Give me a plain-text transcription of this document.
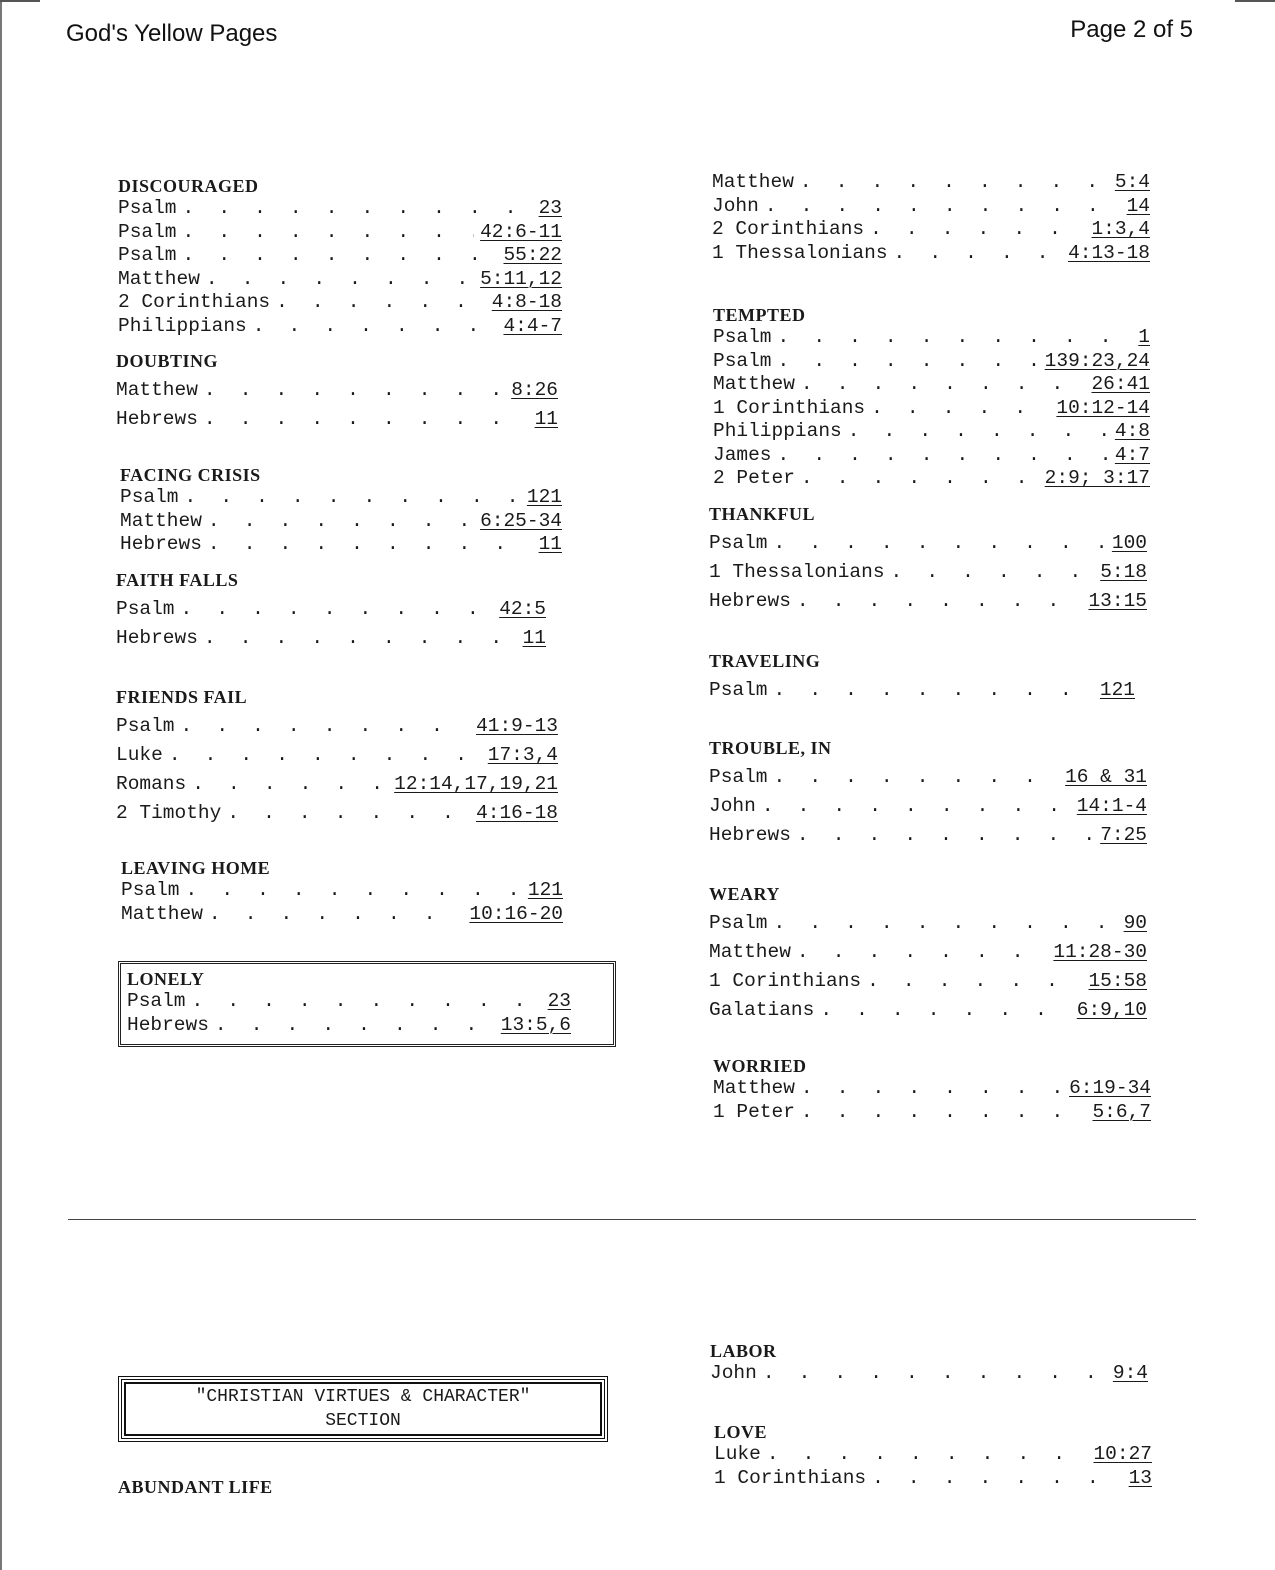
God's Yellow Pages	Page 2 of 5
DISCOURAGED
Psalm . . .	23
Psalm . . .	42:6-11
Psalm . . .	55:22
Matthew . . .	5:11,12
2 Corinthians . . .	4:8-18
Philippians . . .	4:4-7
DOUBTING
Matthew . . .	8:26
Hebrews . . .	11
FACING CRISIS
Psalm . . .	121
Matthew . . .	6:25-34
Hebrews . . .	11
FAITH FALLS
Psalm . . .	42:5
Hebrews . . .	11
FRIENDS FAIL
Psalm . . .	41:9-13
Luke . . .	17:3,4
Romans . . .	12:14,17,19,21
2 Timothy . . .	4:16-18
LEAVING HOME
Psalm . . .	121
Matthew . . .	10:16-20
LONELY
Psalm . . .	23
Hebrews . . .	13:5,6
Matthew . . .	5:4
John . . .	14
2 Corinthians . . .	1:3,4
1 Thessalonians . . .	4:13-18
TEMPTED
Psalm . . .	1
Psalm . . .	139:23,24
Matthew . . .	26:41
1 Corinthians . . .	10:12-14
Philippians . . .	4:8
James . . .	4:7
2 Peter . . .	2:9; 3:17
THANKFUL
Psalm . . .	100
1 Thessalonians . . .	5:18
Hebrews . . .	13:15
TRAVELING
Psalm . . .	121
TROUBLE, IN
Psalm . . .	16 & 31
John . . .	14:1-4
Hebrews . . .	7:25
WEARY
Psalm . . .	90
Matthew . . .	11:28-30
1 Corinthians . . .	15:58
Galatians . . .	6:9,10
WORRIED
Matthew . . .	6:19-34
1 Peter . . .	5:6,7
"CHRISTIAN VIRTUES & CHARACTER"
SECTION
ABUNDANT LIFE
LABOR
John . . .	9:4
LOVE
Luke . . .	10:27
1 Corinthians . . .	13
